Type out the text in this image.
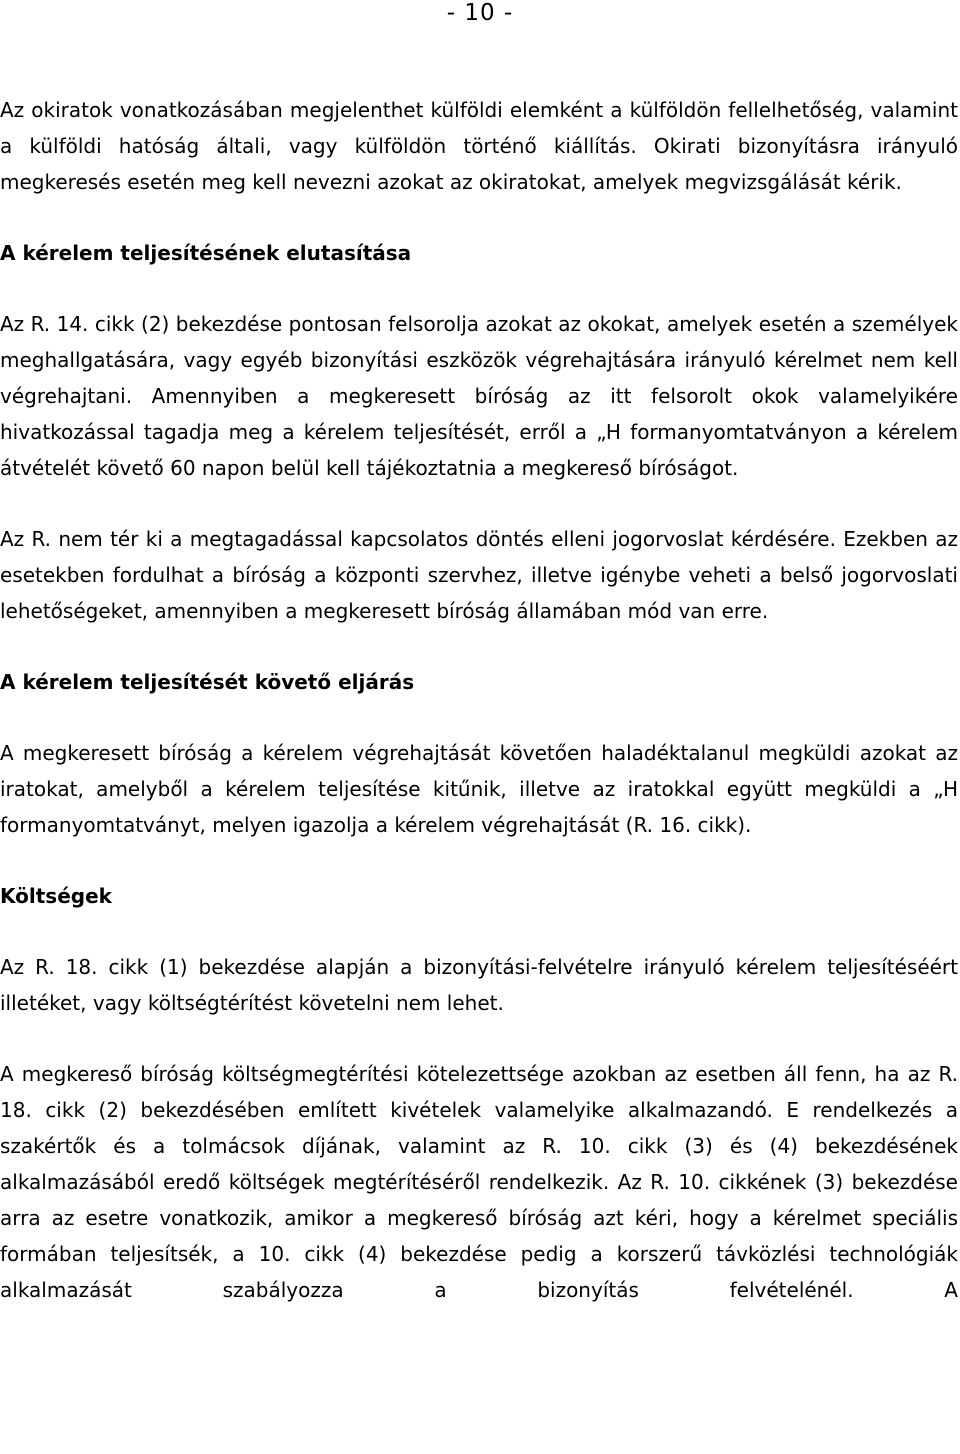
- 10 -

Az okiratok vonatkozásában megjelenthet külföldi elemként a külföldön fellelhetőség, valamint a külföldi hatóság általi, vagy külföldön történő kiállítás. Okirati bizonyításra irányuló megkeresés esetén meg kell nevezni azokat az okiratokat, amelyek megvizsgálását kérik.

A kérelem teljesítésének elutasítása

Az R. 14. cikk (2) bekezdése pontosan felsorolja azokat az okokat, amelyek esetén a személyek meghallgatására, vagy egyéb bizonyítási eszközök végrehajtására irányuló kérelmet nem kell végrehajtani. Amennyiben a megkeresett bíróság az itt felsorolt okok valamelyikére hivatkozással tagadja meg a kérelem teljesítését, erről a „H formanyomtatványon a kérelem átvételét követő 60 napon belül kell tájékoztatnia a megkereső bíróságot.

Az R. nem tér ki a megtagadással kapcsolatos döntés elleni jogorvoslat kérdésére. Ezekben az esetekben fordulhat a bíróság a központi szervhez, illetve igénybe veheti a belső jogorvoslati lehetőségeket, amennyiben a megkeresett bíróság államában mód van erre.

A kérelem teljesítését követő eljárás

A megkeresett bíróság a kérelem végrehajtását követően haladéktalanul megküldi azokat az iratokat, amelyből a kérelem teljesítése kitűnik, illetve az iratokkal együtt megküldi a „H formanyomtatványt, melyen igazolja a kérelem végrehajtását (R. 16. cikk).

Költségek

Az R. 18. cikk (1) bekezdése alapján a bizonyítási-felvételre irányuló kérelem teljesítéséért illetéket, vagy költségtérítést követelni nem lehet.

A megkereső bíróság költségmegtérítési kötelezettsége azokban az esetben áll fenn, ha az R. 18. cikk (2) bekezdésében említett kivételek valamelyike alkalmazandó. E rendelkezés a szakértők és a tolmácsok díjának, valamint az R. 10. cikk (3) és (4) bekezdésének alkalmazásából eredő költségek megtérítéséről rendelkezik. Az R. 10. cikkének (3) bekezdése arra az esetre vonatkozik, amikor a megkereső bíróság azt kéri, hogy a kérelmet speciális formában teljesítsék, a 10. cikk (4) bekezdése pedig a korszerű távközlési technológiák alkalmazását szabályozza a bizonyítás felvételénél. A
